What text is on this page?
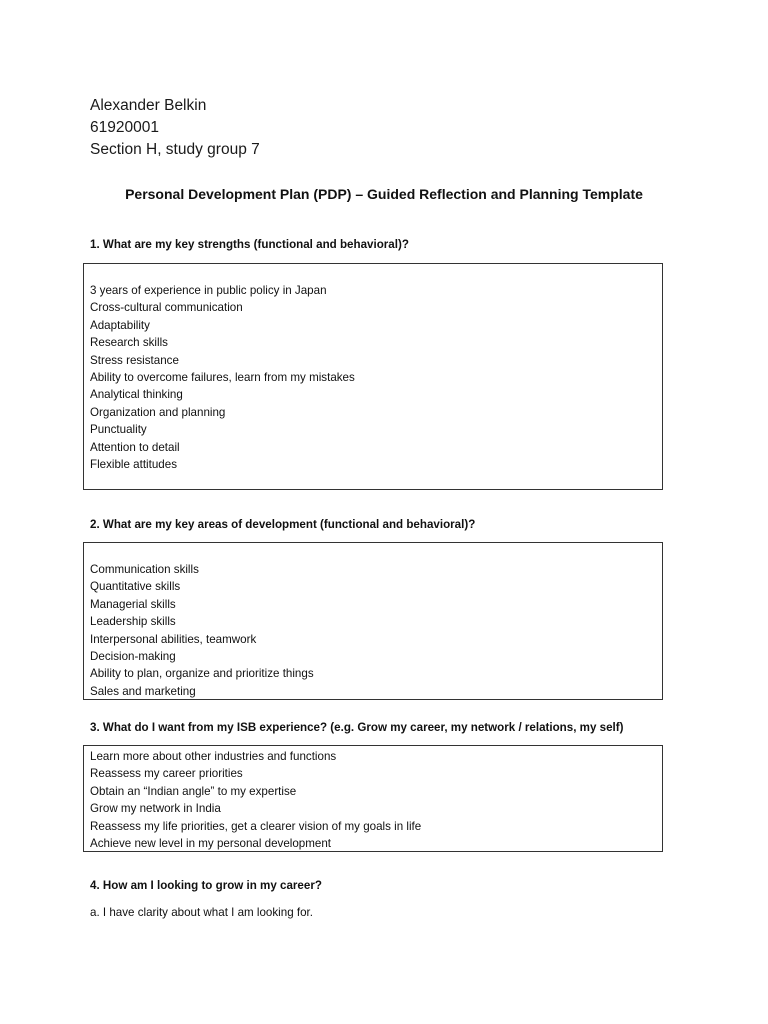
Alexander Belkin
61920001
Section H, study group 7
Personal Development Plan (PDP) – Guided Reflection and Planning Template
1. What are my key strengths (functional and behavioral)?
3 years of experience in public policy in Japan
Cross-cultural communication
Adaptability
Research skills
Stress resistance
Ability to overcome failures, learn from my mistakes
Analytical thinking
Organization and planning
Punctuality
Attention to detail
Flexible attitudes
2. What are my key areas of development (functional and behavioral)?
Communication skills
Quantitative skills
Managerial skills
Leadership skills
Interpersonal abilities, teamwork
Decision-making
Ability to plan, organize and prioritize things
Sales and marketing
3. What do I want from my ISB experience? (e.g. Grow my career, my network / relations, my self)
Learn more about other industries and functions
Reassess my career priorities
Obtain an “Indian angle” to my expertise
Grow my network in India
Reassess my life priorities, get a clearer vision of my goals in life
Achieve new level in my personal development
4. How am I looking to grow in my career?
a. I have clarity about what I am looking for.
